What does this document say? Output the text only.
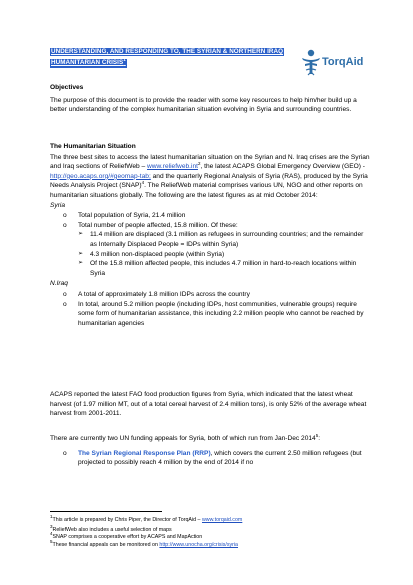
UNDERSTANDING, AND RESPONDING TO, THE SYRIAN & NORTHERN IRAQ
HUMANITARIAN CRISIS$^1$	TorqAid
Objectives

The purpose of this document is to provide the reader with some key resources to help him/her build up a better understanding of the complex humanitarian situation evolving in Syria and surrounding countries.

The Humanitarian Situation

The three best sites to access the latest humanitarian situation on the Syrian and N. Iraq crises are the Syrian and Iraq sections of ReliefWeb – www.reliefweb.int$^2$, the latest ACAPS Global Emergency Overview (GEO) - http://geo.acaps.org/#geomap-tab; and the quarterly Regional Analysis of Syria (RAS), produced by the Syria Needs Analysis Project (SNAP)$^4$. The ReliefWeb material comprises various UN, NGO and other reports on humanitarian situations globally. The following are the latest figures as at mid October 2014:

Syria
o Total population of Syria, 21.4 million
o Total number of people affected, 15.8 million. Of these:
➢ 11.4 million are displaced (3.1 million as refugees in surrounding countries; and the remainder as Internally Displaced People = IDPs within Syria)
➢ 4.3 million non-displaced people (within Syria)
➢ Of the 15.8 million affected people, this includes 4.7 million in hard-to-reach locations within Syria
N.Iraq
o A total of approximately 1.8 million IDPs across the country
o In total, around 5.2 million people (including IDPs, host communities, vulnerable groups) require some form of humanitarian assistance, this including 2.2 million people who cannot be reached by humanitarian agencies

ACAPS reported the latest FAO food production figures from Syria, which indicated that the latest wheat harvest (of 1.97 million MT, out of a total cereal harvest of 2.4 million tons), is only 52% of the average wheat harvest from 2001-2011.

There are currently two UN funding appeals for Syria, both of which run from Jan-Dec 2014$^5$:

o The Syrian Regional Response Plan (RRP), which covers the current 2.50 million refugees (but projected to possibly reach 4 million by the end of 2014 if no

$^1$This article is prepared by Chris Piper, the Director of TorqAid – www.torqaid.com

$^3$ReliefWeb also includes a useful selection of maps

$^4$SNAP comprises a cooperative effort by ACAPS and MapAction

$^5$These financial appeals can be monitored on http://www.unocha.org/crisis/syria
